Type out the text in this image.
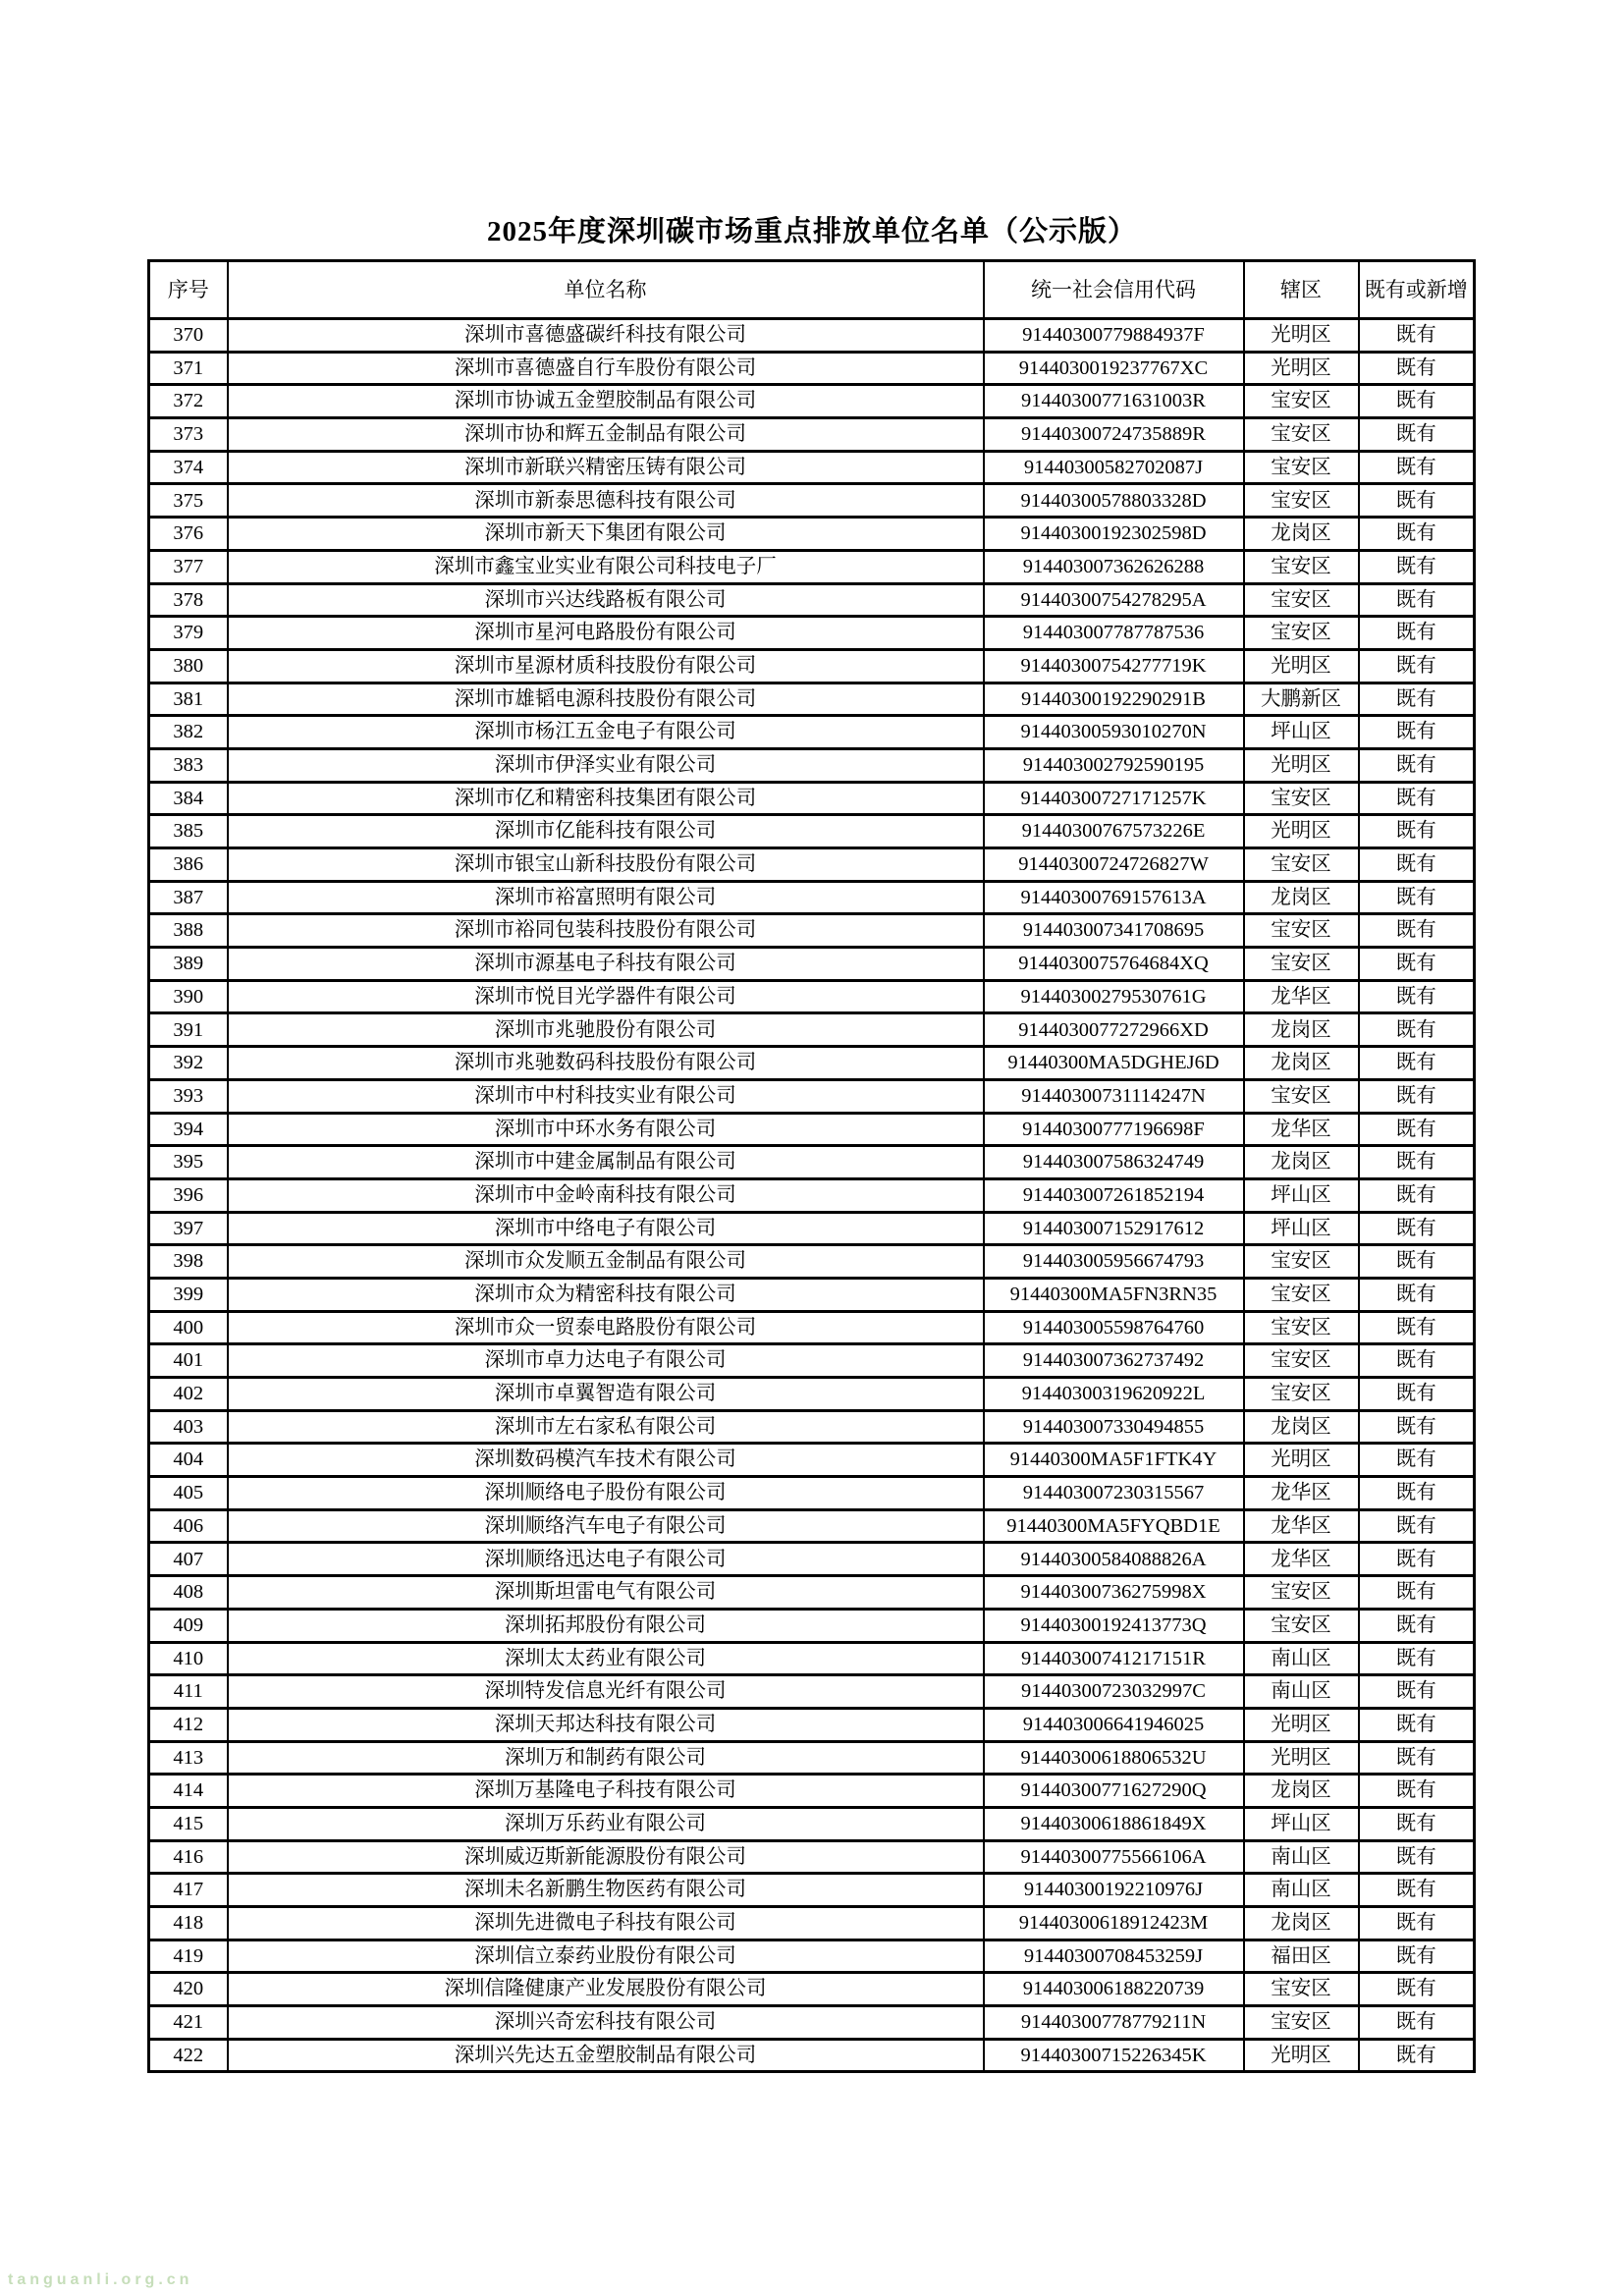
2025年度深圳碳市场重点排放单位名单（公示版）
序号	单位名称	统一社会信用代码	辖区	既有或新增
370	深圳市喜德盛碳纤科技有限公司	91440300779884937F	光明区	既有
371	深圳市喜德盛自行车股份有限公司	9144030019237767XC	光明区	既有
372	深圳市协诚五金塑胶制品有限公司	91440300771631003R	宝安区	既有
373	深圳市协和辉五金制品有限公司	91440300724735889R	宝安区	既有
374	深圳市新联兴精密压铸有限公司	91440300582702087J	宝安区	既有
375	深圳市新泰思德科技有限公司	91440300578803328D	宝安区	既有
376	深圳市新天下集团有限公司	91440300192302598D	龙岗区	既有
377	深圳市鑫宝业实业有限公司科技电子厂	914403007362626288	宝安区	既有
378	深圳市兴达线路板有限公司	91440300754278295A	宝安区	既有
379	深圳市星河电路股份有限公司	914403007787787536	宝安区	既有
380	深圳市星源材质科技股份有限公司	91440300754277719K	光明区	既有
381	深圳市雄韬电源科技股份有限公司	91440300192290291B	大鹏新区	既有
382	深圳市杨江五金电子有限公司	91440300593010270N	坪山区	既有
383	深圳市伊泽实业有限公司	914403002792590195	光明区	既有
384	深圳市亿和精密科技集团有限公司	91440300727171257K	宝安区	既有
385	深圳市亿能科技有限公司	91440300767573226E	光明区	既有
386	深圳市银宝山新科技股份有限公司	91440300724726827W	宝安区	既有
387	深圳市裕富照明有限公司	91440300769157613A	龙岗区	既有
388	深圳市裕同包装科技股份有限公司	914403007341708695	宝安区	既有
389	深圳市源基电子科技有限公司	9144030075764684XQ	宝安区	既有
390	深圳市悦目光学器件有限公司	91440300279530761G	龙华区	既有
391	深圳市兆驰股份有限公司	9144030077272966XD	龙岗区	既有
392	深圳市兆驰数码科技股份有限公司	91440300MA5DGHEJ6D	龙岗区	既有
393	深圳市中村科技实业有限公司	91440300731114247N	宝安区	既有
394	深圳市中环水务有限公司	91440300777196698F	龙华区	既有
395	深圳市中建金属制品有限公司	914403007586324749	龙岗区	既有
396	深圳市中金岭南科技有限公司	914403007261852194	坪山区	既有
397	深圳市中络电子有限公司	914403007152917612	坪山区	既有
398	深圳市众发顺五金制品有限公司	914403005956674793	宝安区	既有
399	深圳市众为精密科技有限公司	91440300MA5FN3RN35	宝安区	既有
400	深圳市众一贸泰电路股份有限公司	914403005598764760	宝安区	既有
401	深圳市卓力达电子有限公司	914403007362737492	宝安区	既有
402	深圳市卓翼智造有限公司	91440300319620922L	宝安区	既有
403	深圳市左右家私有限公司	914403007330494855	龙岗区	既有
404	深圳数码模汽车技术有限公司	91440300MA5F1FTK4Y	光明区	既有
405	深圳顺络电子股份有限公司	914403007230315567	龙华区	既有
406	深圳顺络汽车电子有限公司	91440300MA5FYQBD1E	龙华区	既有
407	深圳顺络迅达电子有限公司	91440300584088826A	龙华区	既有
408	深圳斯坦雷电气有限公司	91440300736275998X	宝安区	既有
409	深圳拓邦股份有限公司	91440300192413773Q	宝安区	既有
410	深圳太太药业有限公司	91440300741217151R	南山区	既有
411	深圳特发信息光纤有限公司	91440300723032997C	南山区	既有
412	深圳天邦达科技有限公司	914403006641946025	光明区	既有
413	深圳万和制药有限公司	91440300618806532U	光明区	既有
414	深圳万基隆电子科技有限公司	91440300771627290Q	龙岗区	既有
415	深圳万乐药业有限公司	91440300618861849X	坪山区	既有
416	深圳威迈斯新能源股份有限公司	91440300775566106A	南山区	既有
417	深圳未名新鹏生物医药有限公司	91440300192210976J	南山区	既有
418	深圳先进微电子科技有限公司	91440300618912423M	龙岗区	既有
419	深圳信立泰药业股份有限公司	91440300708453259J	福田区	既有
420	深圳信隆健康产业发展股份有限公司	914403006188220739	宝安区	既有
421	深圳兴奇宏科技有限公司	91440300778779211N	宝安区	既有
422	深圳兴先达五金塑胶制品有限公司	91440300715226345K	光明区	既有
tanguanli.org.cn
